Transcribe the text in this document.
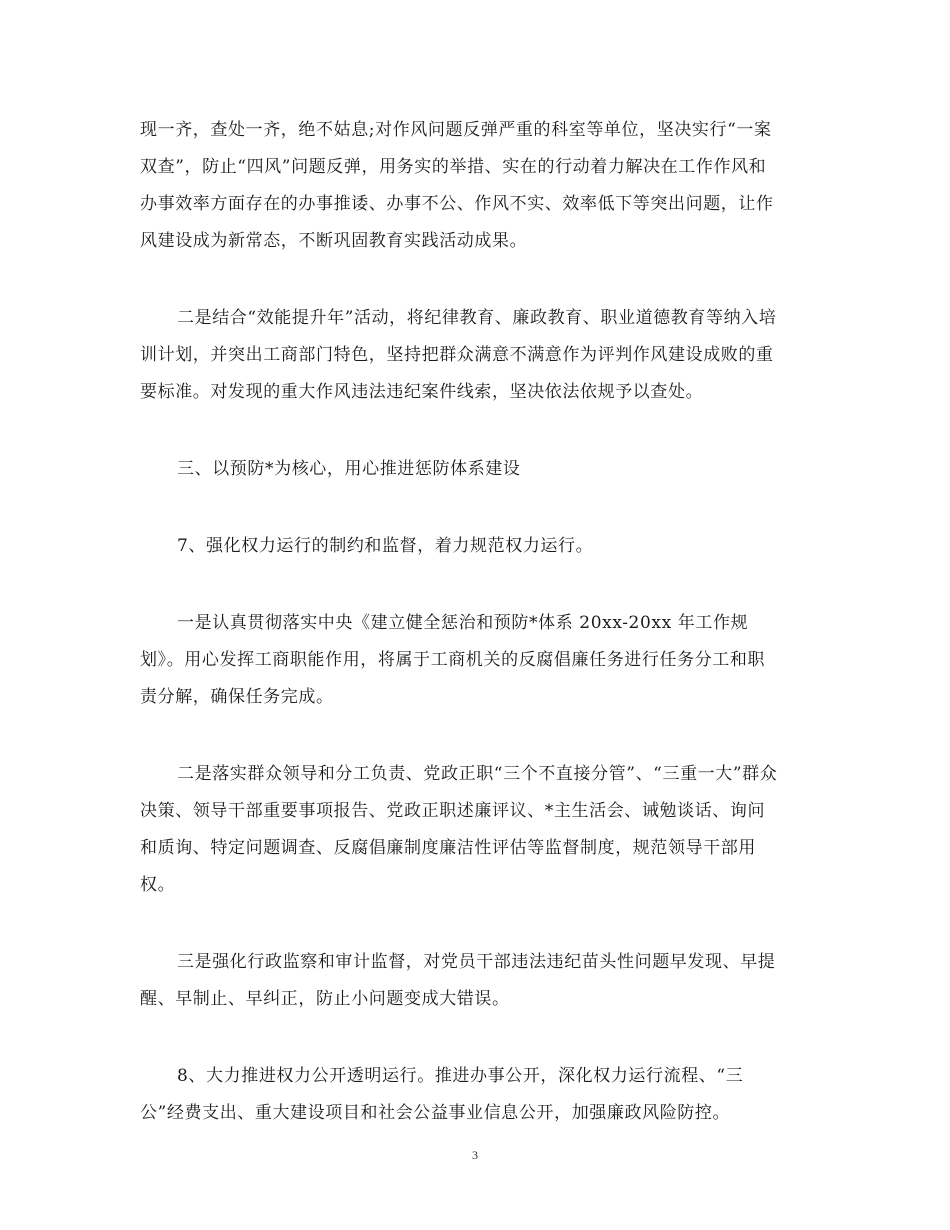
现一齐，查处一齐，绝不姑息;对作风问题反弹严重的科室等单位，坚决实行“一案
双查”，防止“四风”问题反弹，用务实的举措、实在的行动着力解决在工作作风和
办事效率方面存在的办事推诿、办事不公、作风不实、效率低下等突出问题，让作
风建设成为新常态，不断巩固教育实践活动成果。

二是结合“效能提升年”活动，将纪律教育、廉政教育、职业道德教育等纳入培
训计划，并突出工商部门特色，坚持把群众满意不满意作为评判作风建设成败的重
要标准。对发现的重大作风违法违纪案件线索，坚决依法依规予以查处。

三、以预防*为核心，用心推进惩防体系建设

7、强化权力运行的制约和监督，着力规范权力运行。

一是认真贯彻落实中央《建立健全惩治和预防*体系 20xx-20xx 年工作规
划》。用心发挥工商职能作用，将属于工商机关的反腐倡廉任务进行任务分工和职
责分解，确保任务完成。

二是落实群众领导和分工负责、党政正职“三个不直接分管”、“三重一大”群众
决策、领导干部重要事项报告、党政正职述廉评议、*主生活会、诫勉谈话、询问
和质询、特定问题调查、反腐倡廉制度廉洁性评估等监督制度，规范领导干部用
权。

三是强化行政监察和审计监督，对党员干部违法违纪苗头性问题早发现、早提
醒、早制止、早纠正，防止小问题变成大错误。

8、大力推进权力公开透明运行。推进办事公开，深化权力运行流程、“三
公”经费支出、重大建设项目和社会公益事业信息公开，加强廉政风险防控。

3
